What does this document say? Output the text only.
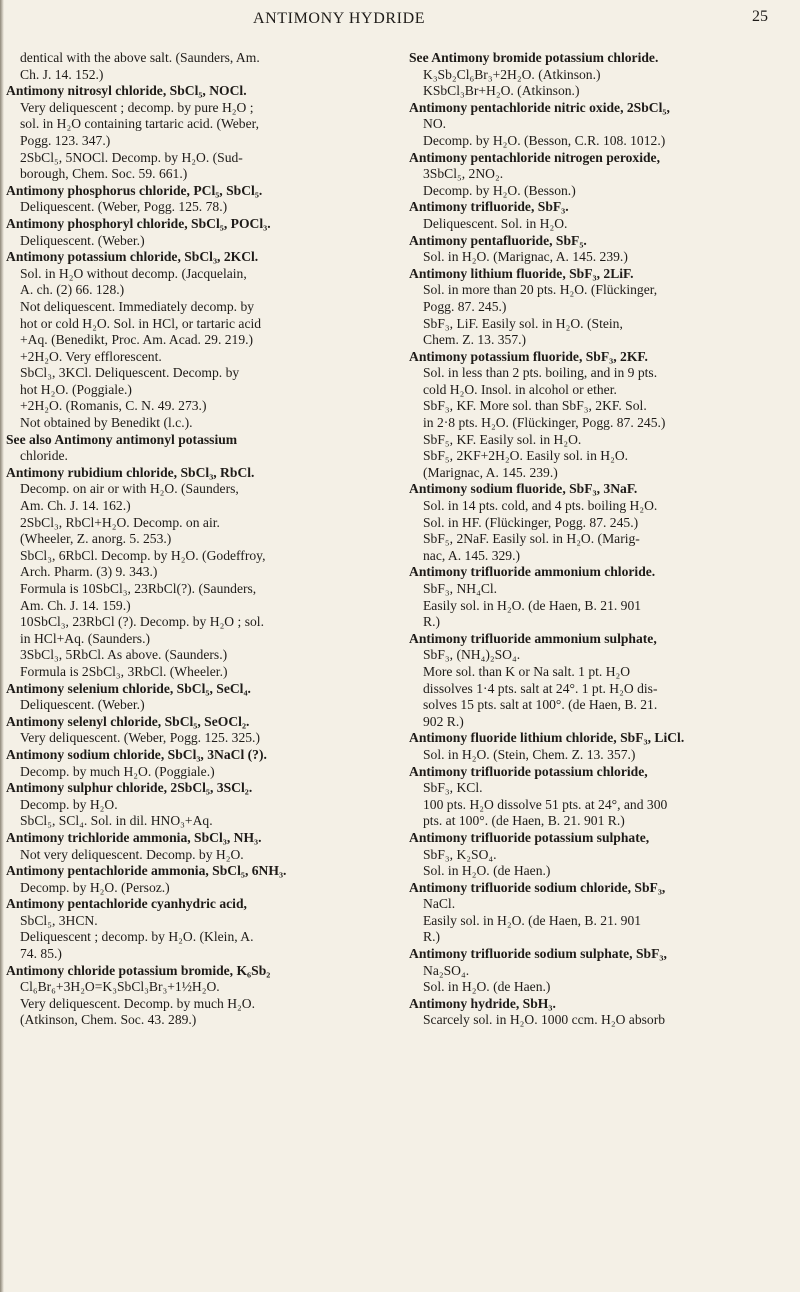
ANTIMONY HYDRIDE	25
dentical with the above salt. (Saunders, Am.
Ch. J. 14. 152.)
Antimony nitrosyl chloride, SbCl₅, NOCl.
Very deliquescent ; decomp. by pure H₂O ;
sol. in H₂O containing tartaric acid. (Weber,
Pogg. 123. 347.)
2SbCl₅, 5NOCl. Decomp. by H₂O. (Sud-
borough, Chem. Soc. 59. 661.)
Antimony phosphorus chloride, PCl₅, SbCl₅.
Deliquescent. (Weber, Pogg. 125. 78.)
Antimony phosphoryl chloride, SbCl₅, POCl₃.
Deliquescent. (Weber.)
Antimony potassium chloride, SbCl₃, 2KCl.
Sol. in H₂O without decomp. (Jacquelain,
A. ch. (2) 66. 128.)
Not deliquescent. Immediately decomp. by
hot or cold H₂O. Sol. in HCl, or tartaric acid
+Aq. (Benedikt, Proc. Am. Acad. 29. 219.)
+2H₂O. Very efflorescent.
SbCl₃, 3KCl. Deliquescent. Decomp. by
hot H₂O. (Poggiale.)
+2H₂O. (Romanis, C. N. 49. 273.)
Not obtained by Benedikt (l.c.).
See also Antimony antimonyl potassium
chloride.
Antimony rubidium chloride, SbCl₃, RbCl.
Decomp. on air or with H₂O. (Saunders,
Am. Ch. J. 14. 162.)
2SbCl₃, RbCl+H₂O. Decomp. on air.
(Wheeler, Z. anorg. 5. 253.)
SbCl₃, 6RbCl. Decomp. by H₂O. (Godeffroy,
Arch. Pharm. (3) 9. 343.)
Formula is 10SbCl₃, 23RbCl(?). (Saunders,
Am. Ch. J. 14. 159.)
10SbCl₃, 23RbCl (?). Decomp. by H₂O ; sol.
in HCl+Aq. (Saunders.)
3SbCl₃, 5RbCl. As above. (Saunders.)
Formula is 2SbCl₃, 3RbCl. (Wheeler.)
Antimony selenium chloride, SbCl₅, SeCl₄.
Deliquescent. (Weber.)
Antimony selenyl chloride, SbCl₅, SeOCl₂.
Very deliquescent. (Weber, Pogg. 125. 325.)
Antimony sodium chloride, SbCl₃, 3NaCl (?).
Decomp. by much H₂O. (Poggiale.)
Antimony sulphur chloride, 2SbCl₅, 3SCl₂.
Decomp. by H₂O.
SbCl₅, SCl₄. Sol. in dil. HNO₃+Aq.
Antimony trichloride ammonia, SbCl₃, NH₃.
Not very deliquescent. Decomp. by H₂O.
Antimony pentachloride ammonia, SbCl₅, 6NH₃.
Decomp. by H₂O. (Persoz.)
Antimony pentachloride cyanhydric acid,
SbCl₅, 3HCN.
Deliquescent ; decomp. by H₂O. (Klein, A.
74. 85.)
Antimony chloride potassium bromide, K₆Sb₂
Cl₆Br₆+3H₂O=K₃SbCl₃Br₃+1½H₂O.
Very deliquescent. Decomp. by much H₂O.
(Atkinson, Chem. Soc. 43. 289.)
See Antimony bromide potassium chloride.
K₃Sb₂Cl₆Br₃+2H₂O. (Atkinson.)
KSbCl₃Br+H₂O. (Atkinson.)
Antimony pentachloride nitric oxide, 2SbCl₅,
NO.
Decomp. by H₂O. (Besson, C.R. 108. 1012.)
Antimony pentachloride nitrogen peroxide,
3SbCl₅, 2NO₂.
Decomp. by H₂O. (Besson.)
Antimony trifluoride, SbF₃.
Deliquescent. Sol. in H₂O.
Antimony pentafluoride, SbF₅.
Sol. in H₂O. (Marignac, A. 145. 239.)
Antimony lithium fluoride, SbF₃, 2LiF.
Sol. in more than 20 pts. H₂O. (Flückinger,
Pogg. 87. 245.)
SbF₃, LiF. Easily sol. in H₂O. (Stein,
Chem. Z. 13. 357.)
Antimony potassium fluoride, SbF₃, 2KF.
Sol. in less than 2 pts. boiling, and in 9 pts.
cold H₂O. Insol. in alcohol or ether.
SbF₃, KF. More sol. than SbF₃, 2KF. Sol.
in 2·8 pts. H₂O. (Flückinger, Pogg. 87. 245.)
SbF₅, KF. Easily sol. in H₂O.
SbF₅, 2KF+2H₂O. Easily sol. in H₂O.
(Marignac, A. 145. 239.)
Antimony sodium fluoride, SbF₃, 3NaF.
Sol. in 14 pts. cold, and 4 pts. boiling H₂O.
Sol. in HF. (Flückinger, Pogg. 87. 245.)
SbF₅, 2NaF. Easily sol. in H₂O. (Marig-
nac, A. 145. 329.)
Antimony trifluoride ammonium chloride.
SbF₃, NH₄Cl.
Easily sol. in H₂O. (de Haen, B. 21. 901
R.)
Antimony trifluoride ammonium sulphate,
SbF₃, (NH₄)₂SO₄.
More sol. than K or Na salt. 1 pt. H₂O
dissolves 1·4 pts. salt at 24°. 1 pt. H₂O dis-
solves 15 pts. salt at 100°. (de Haen, B. 21.
902 R.)
Antimony fluoride lithium chloride, SbF₃, LiCl.
Sol. in H₂O. (Stein, Chem. Z. 13. 357.)
Antimony trifluoride potassium chloride,
SbF₃, KCl.
100 pts. H₂O dissolve 51 pts. at 24°, and 300
pts. at 100°. (de Haen, B. 21. 901 R.)
Antimony trifluoride potassium sulphate,
SbF₃, K₂SO₄.
Sol. in H₂O. (de Haen.)
Antimony trifluoride sodium chloride, SbF₃,
NaCl.
Easily sol. in H₂O. (de Haen, B. 21. 901
R.)
Antimony trifluoride sodium sulphate, SbF₃,
Na₂SO₄.
Sol. in H₂O. (de Haen.)
Antimony hydride, SbH₃.
Scarcely sol. in H₂O. 1000 ccm. H₂O absorb
